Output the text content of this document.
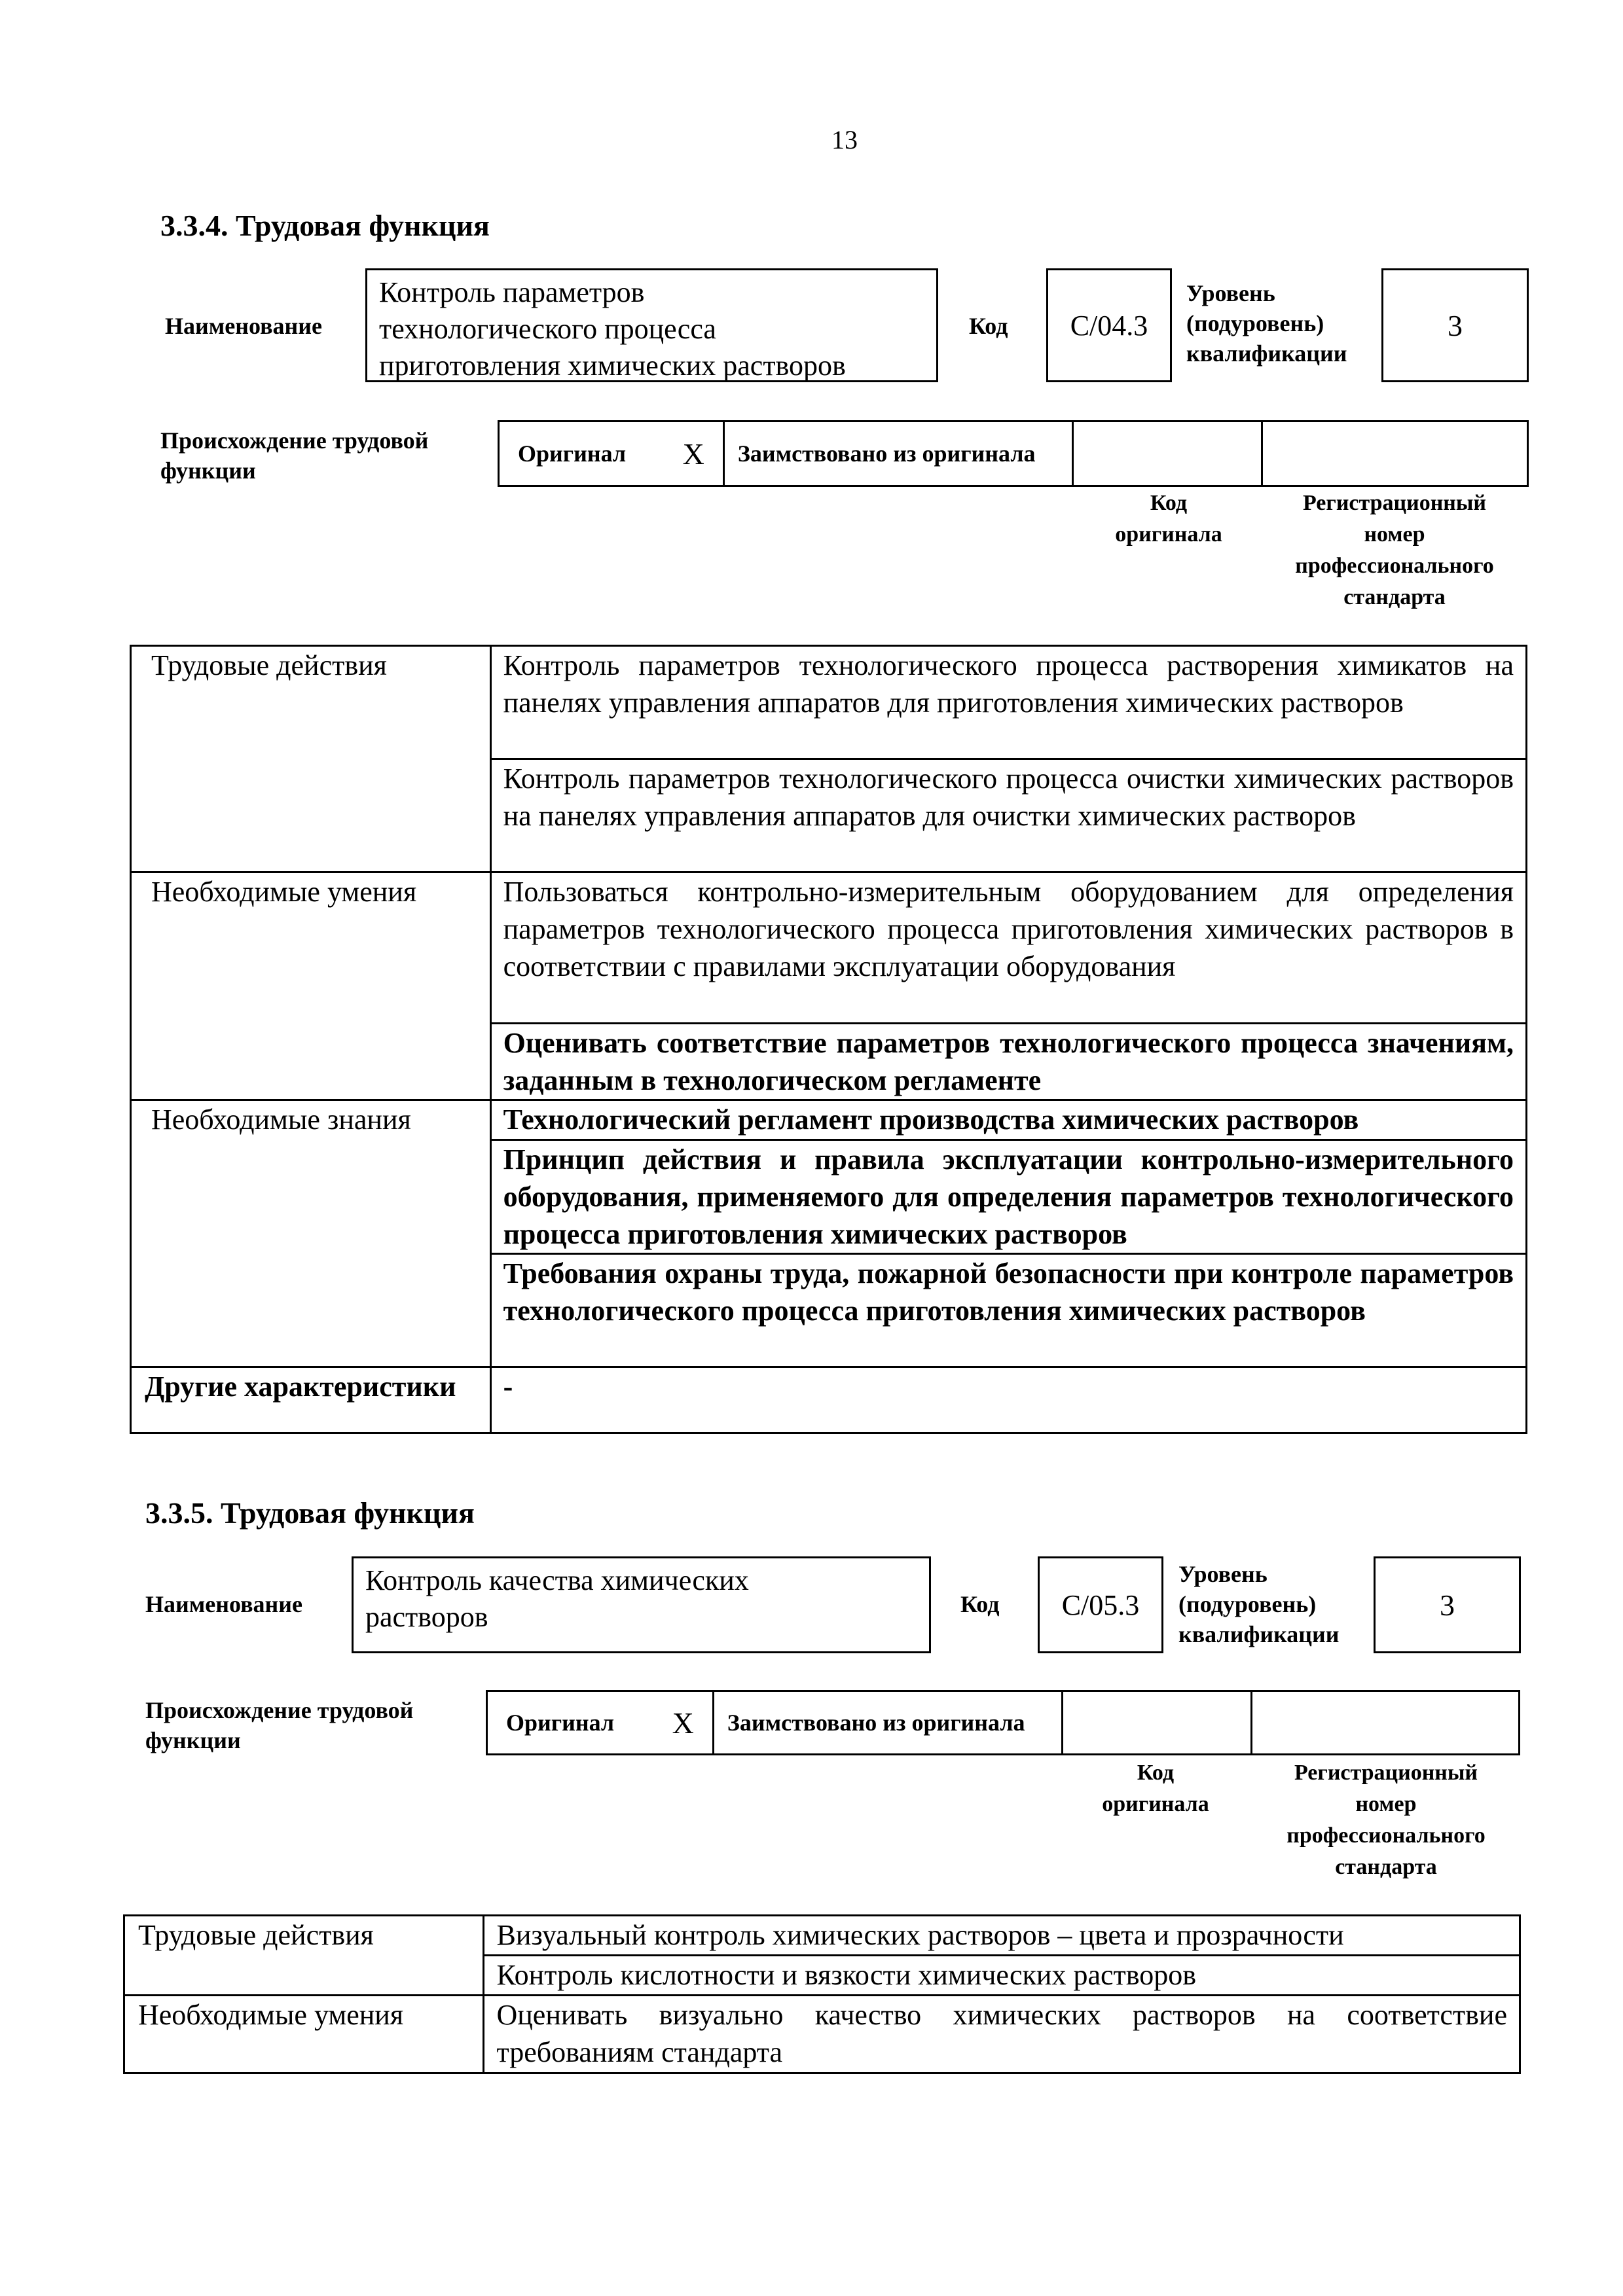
13
3.3.4. Трудовая функция
Наименование
Контроль параметров
технологического процесса
приготовления химических растворов
Код C/04.3
Уровень
(подуровень)
квалификации
3
Происхождение трудовой
функции
Оригинал X Заимствовано из оригинала
Код
оригинала
Регистрационный
номер
профессионального
стандарта
Трудовые действия	Контроль параметров технологического процесса растворения химикатов на панелях управления аппаратов для приготовления химических растворов
	Контроль параметров технологического процесса очистки химических растворов на панелях управления аппаратов для очистки химических растворов
Необходимые умения	Пользоваться контрольно-измерительным оборудованием для определения параметров технологического процесса приготовления химических растворов в соответствии с правилами эксплуатации оборудования
	Оценивать соответствие параметров технологического процесса значениям, заданным в технологическом регламенте
Необходимые знания	Технологический регламент производства химических растворов
	Принцип действия и правила эксплуатации контрольно-измерительного оборудования, применяемого для определения параметров технологического процесса приготовления химических растворов
	Требования охраны труда, пожарной безопасности при контроле параметров технологического процесса приготовления химических растворов
Другие характеристики	-
3.3.5. Трудовая функция
Наименование
Контроль качества химических
растворов	Код C/05.3
Уровень
(подуровень)
квалификации
3
Происхождение трудовой
функции
Оригинал X Заимствовано из оригинала
Код
оригинала
Регистрационный
номер
профессионального
стандарта
Трудовые действия	Визуальный контроль химических растворов – цвета и прозрачности
	Контроль кислотности и вязкости химических растворов
Необходимые умения	Оценивать визуально качество химических растворов на соответствие требованиям стандарта
